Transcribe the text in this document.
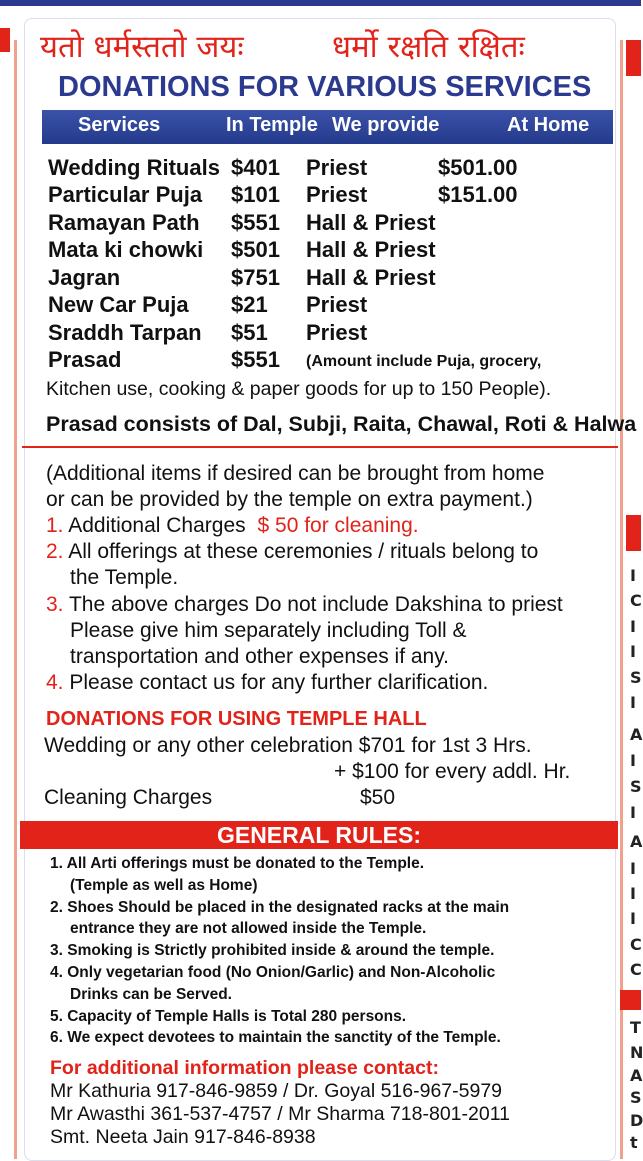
I
C
I
I
S
I
A
I
S
I
A
I
I
I
C
C
T
N
A
S
D
t
यतो धर्मस्ततो जयः	धर्मो रक्षति रक्षितः
DONATIONS FOR VARIOUS SERVICES
Services	In Temple We provide	At Home
Wedding Rituals $401 Priest	$501.00
Particular Puja $101 Priest	$151.00
Ramayan Path $551 Hall & Priest
Mata ki chowki $501 Hall & Priest
Jagran	$751 Hall & Priest
New Car Puja $21 Priest
Sraddh Tarpan $51 Priest
Prasad	$551 (Amount include Puja, grocery,
Kitchen use, cooking & paper goods for up to 150 People).
Prasad consists of Dal, Subji, Raita, Chawal, Roti & Halwa
(Additional items if desired can be brought from home
or can be provided by the temple on extra payment.)
1. Additional Charges $ 50 for cleaning.
2. All offerings at these ceremonies / rituals belong to
the Temple.
3. The above charges Do not include Dakshina to priest
Please give him separately including Toll &
transportation and other expenses if any.
4. Please contact us for any further clarification.
DONATIONS FOR USING TEMPLE HALL
Wedding or any other celebration $701 for 1st 3 Hrs.
+ $100 for every addl. Hr.
Cleaning Charges	$50
GENERAL RULES:
1. All Arti offerings must be donated to the Temple.
(Temple as well as Home)
2. Shoes Should be placed in the designated racks at the main
entrance they are not allowed inside the Temple.
3. Smoking is Strictly prohibited inside & around the temple.
4. Only vegetarian food (No Onion/Garlic) and Non-Alcoholic
Drinks can be Served.
5. Capacity of Temple Halls is Total 280 persons.
6. We expect devotees to maintain the sanctity of the Temple.
For additional information please contact:
Mr Kathuria 917-846-9859 / Dr. Goyal 516-967-5979
Mr Awasthi 361-537-4757 / Mr Sharma 718-801-2011
Smt. Neeta Jain 917-846-8938
